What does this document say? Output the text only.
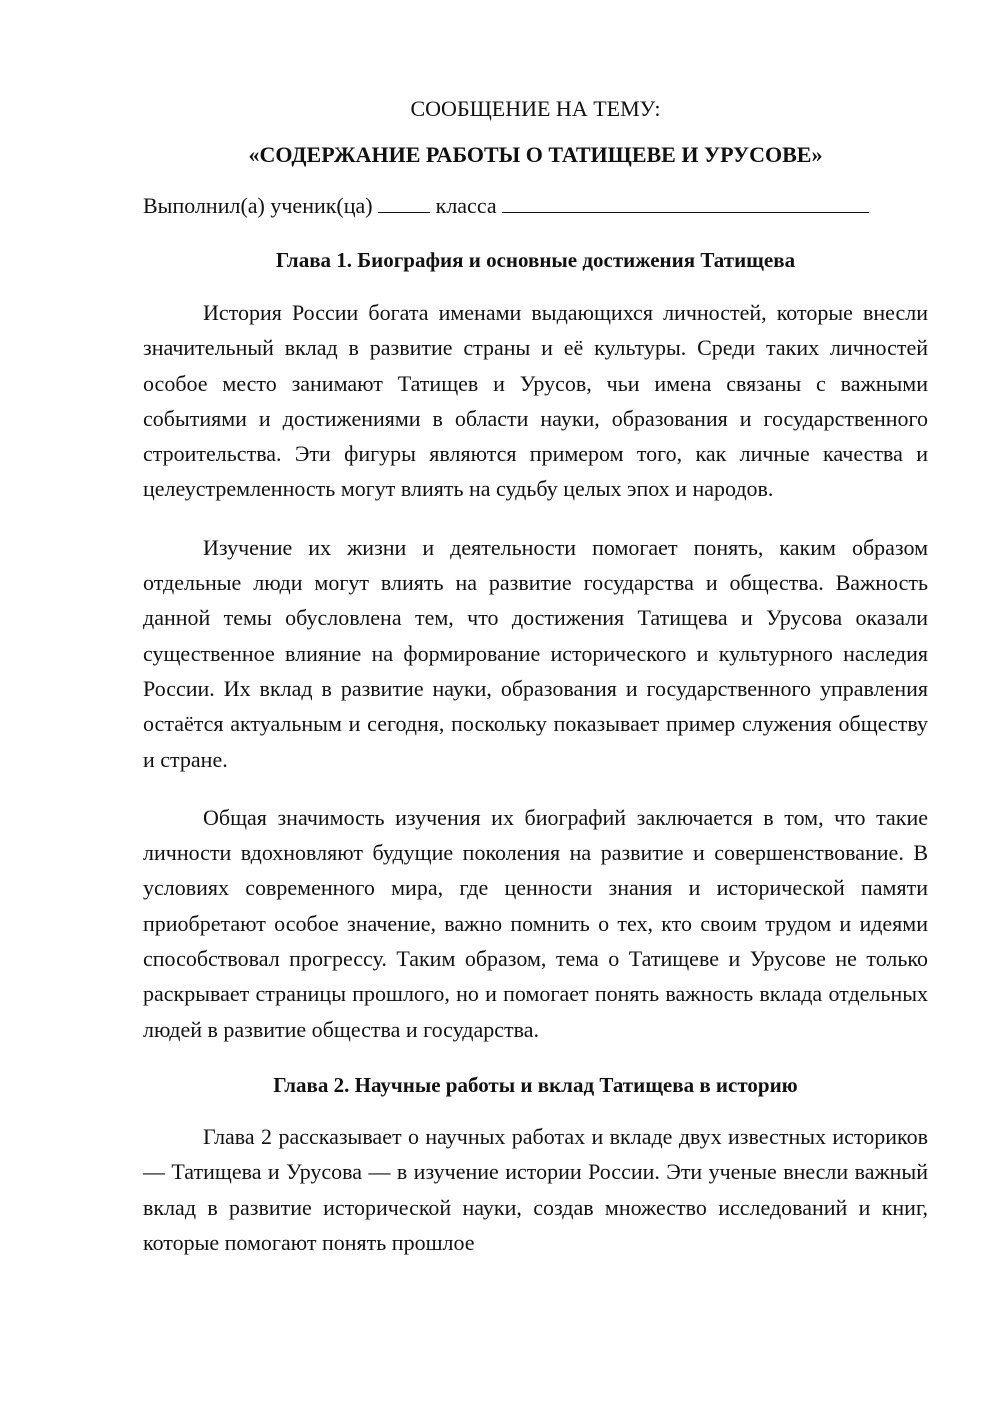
СООБЩЕНИЕ НА ТЕМУ:

«СОДЕРЖАНИЕ РАБОТЫ О ТАТИЩЕВЕ И УРУСОВЕ»

Выполнил(а) ученик(ца)	класса
Глава 1. Биография и основные достижения Татищева

История России богата именами выдающихся личностей, которые внесли значительный вклад в развитие страны и её культуры. Среди таких личностей особое место занимают Татищев и Урусов, чьи имена связаны с важными событиями и достижениями в области науки, образования и государственного строительства. Эти фигуры являются примером того, как личные качества и целеустремленность могут влиять на судьбу целых эпох и народов.

Изучение их жизни и деятельности помогает понять, каким образом отдельные люди могут влиять на развитие государства и общества. Важность данной темы обусловлена тем, что достижения Татищева и Урусова оказали существенное влияние на формирование исторического и культурного наследия России. Их вклад в развитие науки, образования и государственного управления остаётся актуальным и сегодня, поскольку показывает пример служения обществу и стране.

Общая значимость изучения их биографий заключается в том, что такие личности вдохновляют будущие поколения на развитие и совершенствование. В условиях современного мира, где ценности знания и исторической памяти приобретают особое значение, важно помнить о тех, кто своим трудом и идеями способствовал прогрессу. Таким образом, тема о Татищеве и Урусове не только раскрывает страницы прошлого, но и помогает понять важность вклада отдельных людей в развитие общества и государства.

Глава 2. Научные работы и вклад Татищева в историю

Глава 2 рассказывает о научных работах и вкладе двух известных историков — Татищева и Урусова — в изучение истории России. Эти ученые внесли важный вклад в развитие исторической науки, создав множество исследований и книг, которые помогают понять прошлое
